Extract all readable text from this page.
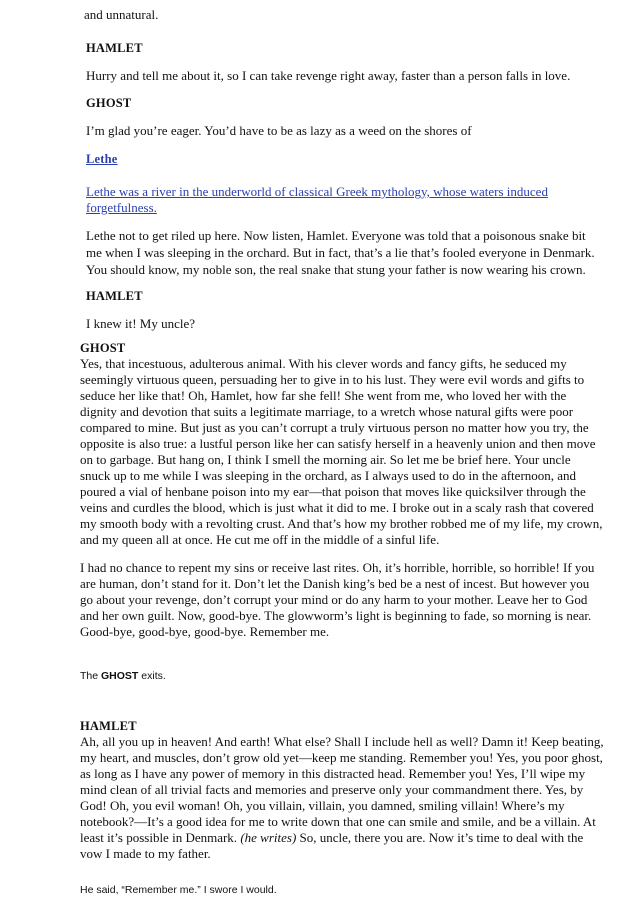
and unnatural.
HAMLET
Hurry and tell me about it, so I can take revenge right away, faster than a person falls in love.
GHOST
I’m glad you’re eager. You’d have to be as lazy as a weed on the shores of
Lethe
Lethe was a river in the underworld of classical Greek mythology, whose waters induced
forgetfulness.
Lethe not to get riled up here. Now listen, Hamlet. Everyone was told that a poisonous snake bit
me when I was sleeping in the orchard. But in fact, that’s a lie that’s fooled everyone in Denmark.
You should know, my noble son, the real snake that stung your father is now wearing his crown.
HAMLET
I knew it! My uncle?
GHOST
Yes, that incestuous, adulterous animal. With his clever words and fancy gifts, he seduced my
seemingly virtuous queen, persuading her to give in to his lust. They were evil words and gifts to
seduce her like that! Oh, Hamlet, how far she fell! She went from me, who loved her with the
dignity and devotion that suits a legitimate marriage, to a wretch whose natural gifts were poor
compared to mine. But just as you can’t corrupt a truly virtuous person no matter how you try, the
opposite is also true: a lustful person like her can satisfy herself in a heavenly union and then move
on to garbage. But hang on, I think I smell the morning air. So let me be brief here. Your uncle
snuck up to me while I was sleeping in the orchard, as I always used to do in the afternoon, and
poured a vial of henbane poison into my ear—that poison that moves like quicksilver through the
veins and curdles the blood, which is just what it did to me. I broke out in a scaly rash that covered
my smooth body with a revolting crust. And that’s how my brother robbed me of my life, my crown,
and my queen all at once. He cut me off in the middle of a sinful life.
I had no chance to repent my sins or receive last rites. Oh, it’s horrible, horrible, so horrible! If you
are human, don’t stand for it. Don’t let the Danish king’s bed be a nest of incest. But however you
go about your revenge, don’t corrupt your mind or do any harm to your mother. Leave her to God
and her own guilt. Now, good-bye. The glowworm’s light is beginning to fade, so morning is near.
Good-bye, good-bye, good-bye. Remember me.
The GHOST exits.
HAMLET
Ah, all you up in heaven! And earth! What else? Shall I include hell as well? Damn it! Keep beating,
my heart, and muscles, don’t grow old yet—keep me standing. Remember you! Yes, you poor ghost,
as long as I have any power of memory in this distracted head. Remember you! Yes, I’ll wipe my
mind clean of all trivial facts and memories and preserve only your commandment there. Yes, by
God! Oh, you evil woman! Oh, you villain, villain, you damned, smiling villain! Where’s my
notebook?—It’s a good idea for me to write down that one can smile and smile, and be a villain. At
least it’s possible in Denmark. (he writes) So, uncle, there you are. Now it’s time to deal with the
vow I made to my father.
He said, “Remember me.” I swore I would.
